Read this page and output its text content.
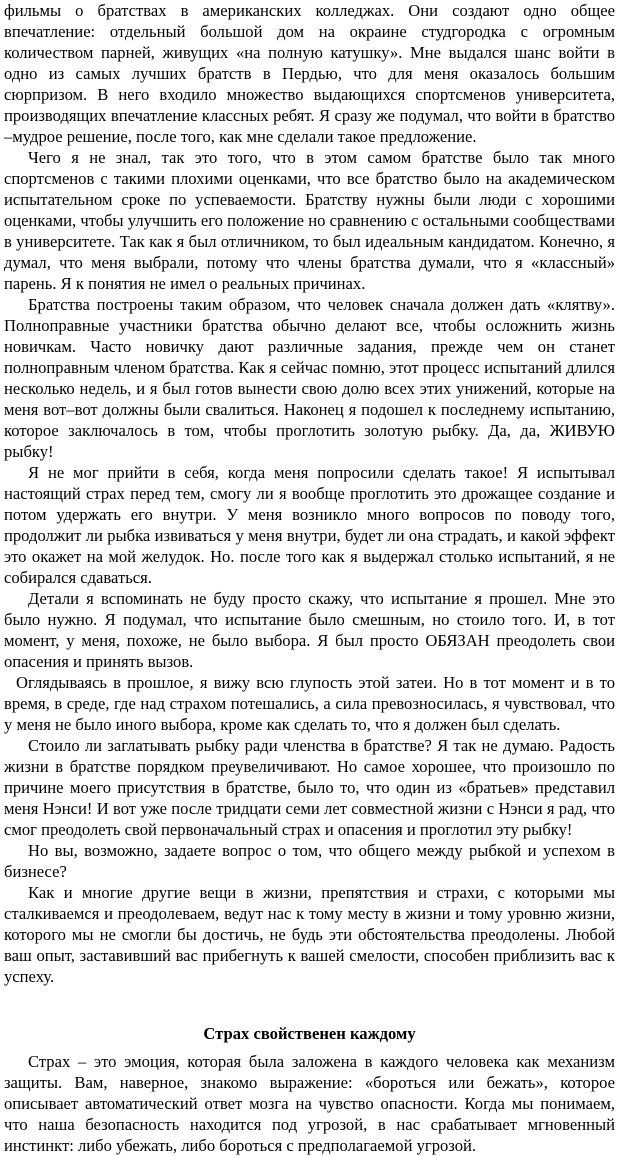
фильмы о братствах в американских колледжах. Они создают одно общее впечатление: отдельный большой дом на окраине студгородка с огромным количеством парней, живущих «на полную катушку». Мне выдался шанс войти в одно из самых лучших братств в Пердью, что для меня оказалось большим сюрпризом. В него входило множество выдающихся спортсменов университета, производящих впечатление классных ребят. Я сразу же подумал, что войти в братство –мудрое решение, после того, как мне сделали такое предложение.

Чего я не знал, так это того, что в этом самом братстве было так много спортсменов с такими плохими оценками, что все братство было на академическом испытательном сроке по успеваемости. Братству нужны были люди с хорошими оценками, чтобы улучшить его положение но сравнению с остальными сообществами в университете. Так как я был отличником, то был идеальным кандидатом. Конечно, я думал, что меня выбрали, потому что члены братства думали, что я «классный» парень. Я к понятия не имел о реальных причинах.

Братства построены таким образом, что человек сначала должен дать «клятву». Полноправные участники братства обычно делают все, чтобы осложнить жизнь новичкам. Часто новичку дают различные задания, прежде чем он станет полноправным членом братства. Как я сейчас помню, этот процесс испытаний длился несколько недель, и я был готов вынести свою долю всех этих унижений, которые на меня вот–вот должны были свалиться. Наконец я подошел к последнему испытанию, которое заключалось в том, чтобы проглотить золотую рыбку. Да, да, ЖИВУЮ рыбку!

Я не мог прийти в себя, когда меня попросили сделать такое! Я испытывал настоящий страх перед тем, смогу ли я вообще проглотить это дрожащее создание и потом удержать его внутри. У меня возникло много вопросов по поводу того, продолжит ли рыбка извиваться у меня внутри, будет ли она страдать, и какой эффект это окажет на мой желудок. Но. после того как я выдержал столько испытаний, я не собирался сдаваться.

Детали я вспоминать не буду просто скажу, что испытание я прошел. Мне это было нужно. Я подумал, что испытание было смешным, но стоило того. И, в тот момент, у меня, похоже, не было выбора. Я был просто ОБЯЗАН преодолеть свои опасения и принять вызов.

Оглядываясь в прошлое, я вижу всю глупость этой затеи. Но в тот момент и в то время, в среде, где над страхом потешались, а сила превозносилась, я чувствовал, что у меня не было иного выбора, кроме как сделать то, что я должен был сделать.

Стоило ли заглатывать рыбку ради членства в братстве? Я так не думаю. Радость жизни в братстве порядком преувеличивают. Но самое хорошее, что произошло по причине моего присутствия в братстве, было то, что один из «братьев» представил меня Нэнси! И вот уже после тридцати семи лет совместной жизни с Нэнси я рад, что смог преодолеть свой первоначальный страх и опасения и проглотил эту рыбку!

Но вы, возможно, задаете вопрос о том, что общего между рыбкой и успехом в бизнесе?

Как и многие другие вещи в жизни, препятствия и страхи, с которыми мы сталкиваемся и преодолеваем, ведут нас к тому месту в жизни и тому уровню жизни, которого мы не смогли бы достичь, не будь эти обстоятельства преодолены. Любой ваш опыт, заставивший вас прибегнуть к вашей смелости, способен приблизить вас к успеху.

Страх свойственен каждому

Страх – это эмоция, которая была заложена в каждого человека как механизм защиты. Вам, наверное, знакомо выражение: «бороться или бежать», которое описывает автоматический ответ мозга на чувство опасности. Когда мы понимаем, что наша безопасность находится под угрозой, в нас срабатывает мгновенный инстинкт: либо убежать, либо бороться с предполагаемой угрозой.
